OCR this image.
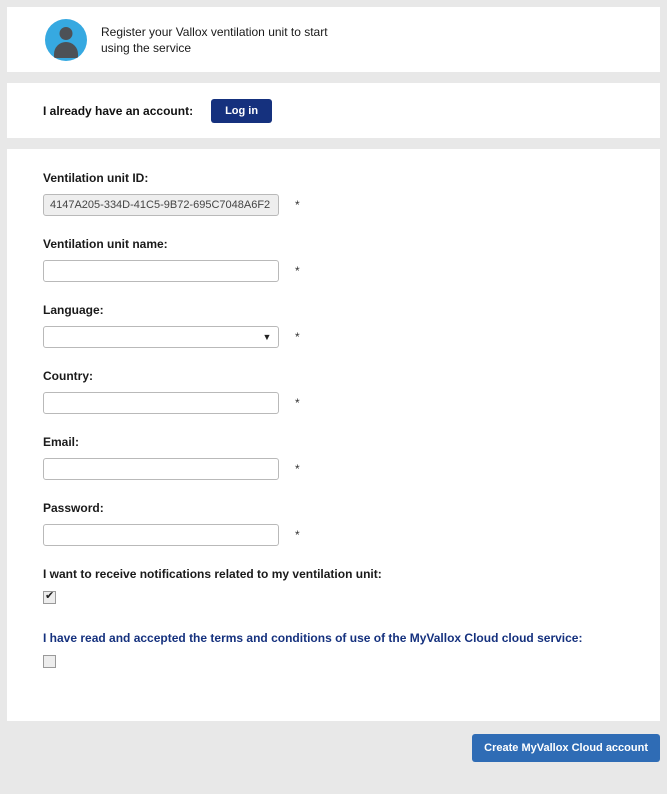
Register your Vallox ventilation unit to start using the service
I already have an account:	Log in
Ventilation unit ID:
4147A205-334D-41C5-9B72-695C7048A6F2
*
Ventilation unit name:
*
Language:
▼ *
Country:
*
Email:
*
Password:
*
I want to receive notifications related to my ventilation unit:
✔
I have read and accepted the terms and conditions of use of the MyVallox Cloud cloud service:
Create MyVallox Cloud account
